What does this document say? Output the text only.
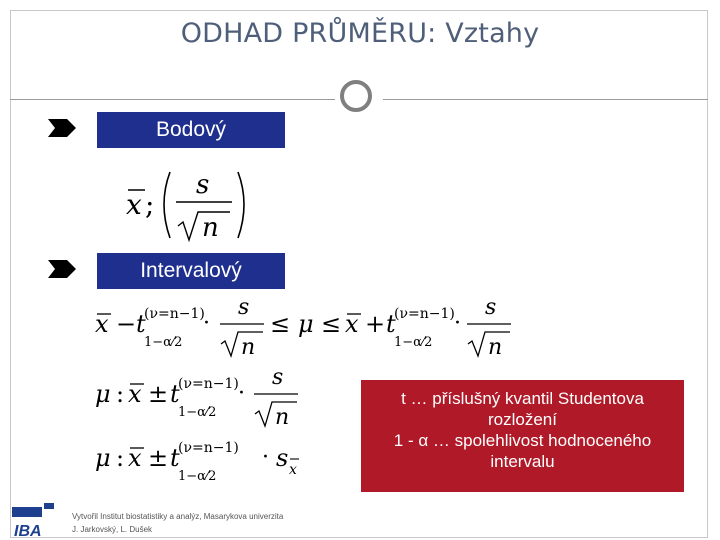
ODHAD PRŮMĚRU: Vztahy
Bodový
x ;
s
n
Intervalový
x − t
(ν=n−1)
1−α⁄2
·
s
n
≤ μ ≤ x + t
(ν=n−1)
1−α⁄2
·
s
n
μ : x ± t
(ν=n−1)
1−α⁄2
·
s
n
μ : x ± t
(ν=n−1)
1−α⁄2
· s x
t … příslušný kvantil Studentova
rozložení
1 - α … spolehlivost hodnoceného
intervalu
IBA
Vytvořil Institut biostatistiky a analýz, Masarykova univerzita
J. Jarkovský, L. Dušek
